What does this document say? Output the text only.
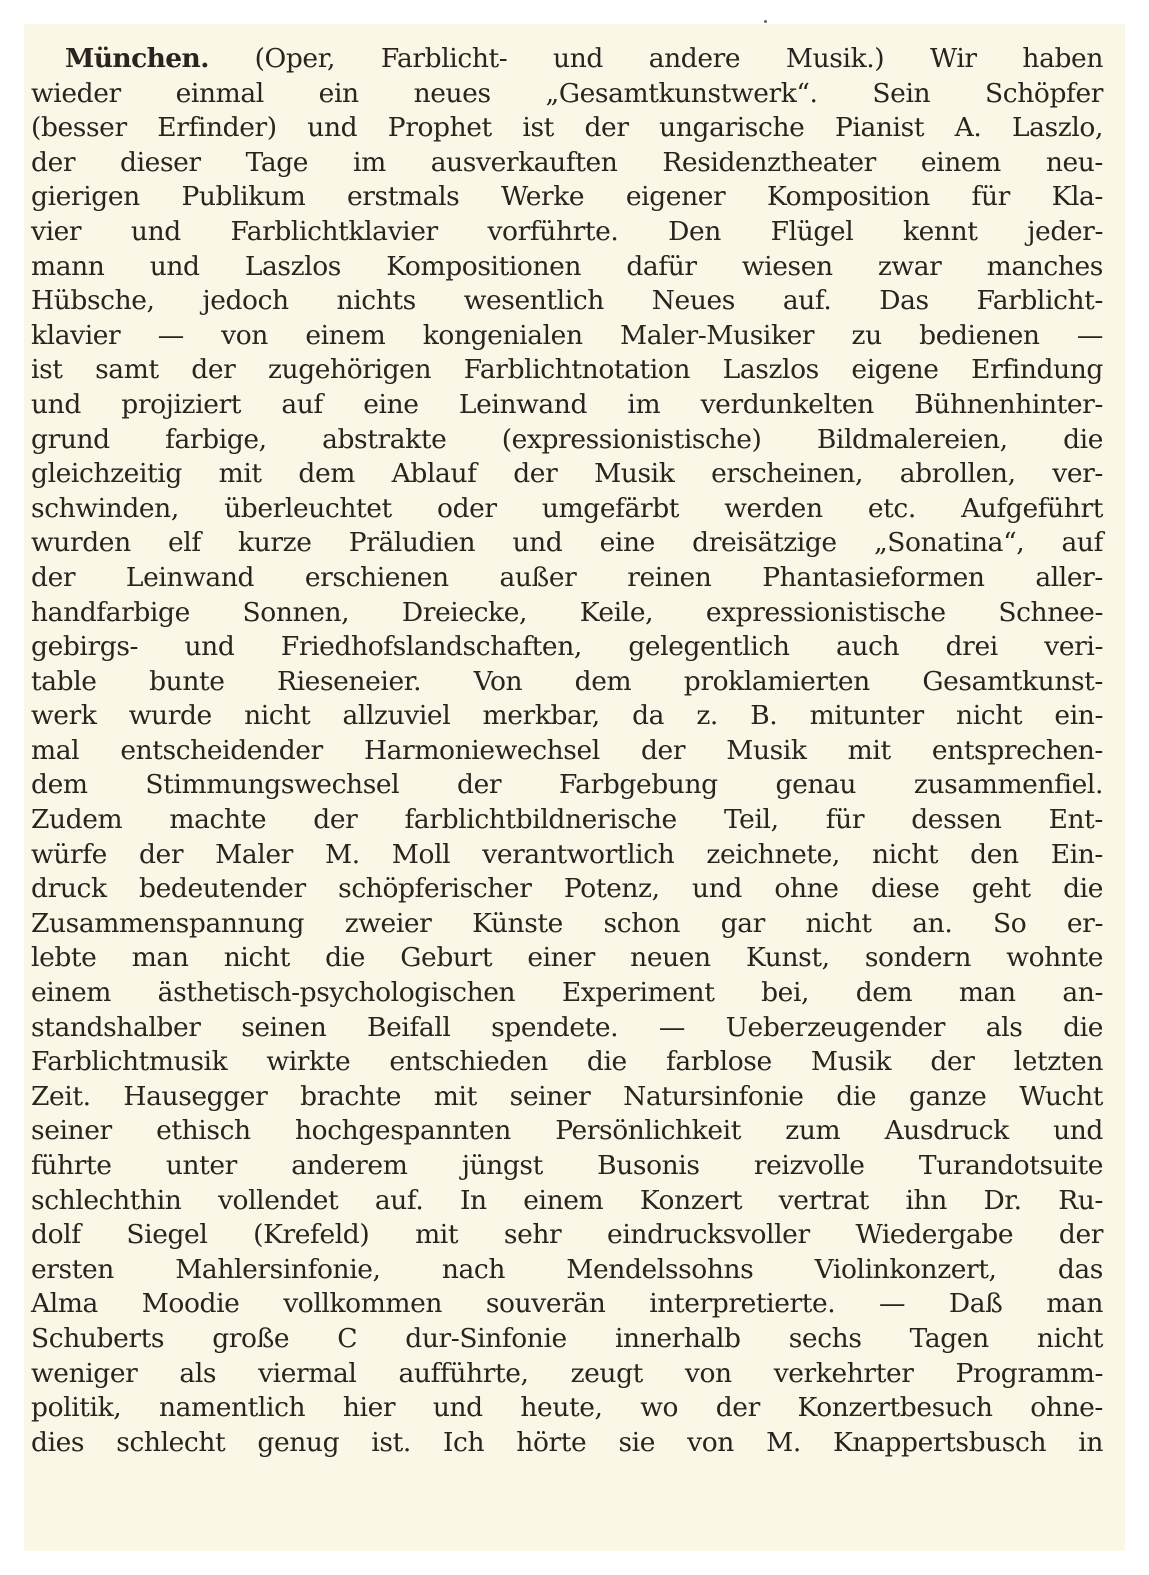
München. (Oper, Farblicht- und andere Musik.) Wir haben
wieder einmal ein neues „Gesamtkunstwerk“. Sein Schöpfer
(besser Erfinder) und Prophet ist der ungarische Pianist A. Laszlo,
der dieser Tage im ausverkauften Residenztheater einem neu-
gierigen Publikum erstmals Werke eigener Komposition für Kla-
vier und Farblichtklavier vorführte. Den Flügel kennt jeder-
mann und Laszlos Kompositionen dafür wiesen zwar manches
Hübsche, jedoch nichts wesentlich Neues auf. Das Farblicht-
klavier — von einem kongenialen Maler-Musiker zu bedienen —
ist samt der zugehörigen Farblichtnotation Laszlos eigene Erfindung
und projiziert auf eine Leinwand im verdunkelten Bühnenhinter-
grund farbige, abstrakte (expressionistische) Bildmalereien, die
gleichzeitig mit dem Ablauf der Musik erscheinen, abrollen, ver-
schwinden, überleuchtet oder umgefärbt werden etc. Aufgeführt
wurden elf kurze Präludien und eine dreisätzige „Sonatina“, auf
der Leinwand erschienen außer reinen Phantasieformen aller-
handfarbige Sonnen, Dreiecke, Keile, expressionistische Schnee-
gebirgs- und Friedhofslandschaften, gelegentlich auch drei veri-
table bunte Rieseneier. Von dem proklamierten Gesamtkunst-
werk wurde nicht allzuviel merkbar, da z. B. mitunter nicht ein-
mal entscheidender Harmoniewechsel der Musik mit entsprechen-
dem Stimmungswechsel der Farbgebung genau zusammenfiel.
Zudem machte der farblichtbildnerische Teil, für dessen Ent-
würfe der Maler M. Moll verantwortlich zeichnete, nicht den Ein-
druck bedeutender schöpferischer Potenz, und ohne diese geht die
Zusammenspannung zweier Künste schon gar nicht an. So er-
lebte man nicht die Geburt einer neuen Kunst, sondern wohnte
einem ästhetisch-psychologischen Experiment bei, dem man an-
standshalber seinen Beifall spendete. — Ueberzeugender als die
Farblichtmusik wirkte entschieden die farblose Musik der letzten
Zeit. Hausegger brachte mit seiner Natursinfonie die ganze Wucht
seiner ethisch hochgespannten Persönlichkeit zum Ausdruck und
führte unter anderem jüngst Busonis reizvolle Turandotsuite
schlechthin vollendet auf. In einem Konzert vertrat ihn Dr. Ru-
dolf Siegel (Krefeld) mit sehr eindrucksvoller Wiedergabe der
ersten Mahlersinfonie, nach Mendelssohns Violinkonzert, das
Alma Moodie vollkommen souverän interpretierte. — Daß man
Schuberts große C dur-Sinfonie innerhalb sechs Tagen nicht
weniger als viermal aufführte, zeugt von verkehrter Programm-
politik, namentlich hier und heute, wo der Konzertbesuch ohne-
dies schlecht genug ist. Ich hörte sie von M. Knappertsbusch in
